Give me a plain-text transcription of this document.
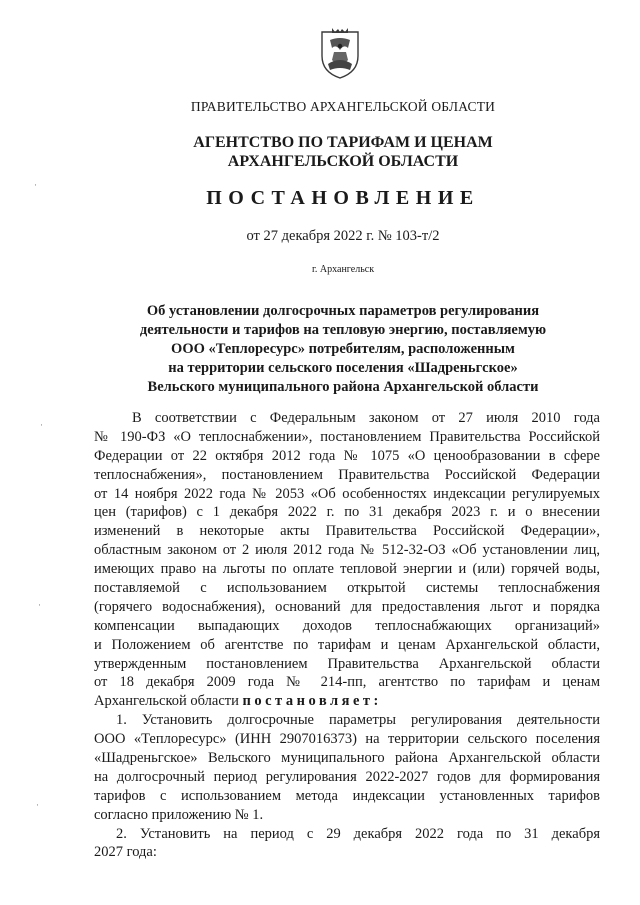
ПРАВИТЕЛЬСТВО АРХАНГЕЛЬСКОЙ ОБЛАСТИ
АГЕНТСТВО ПО ТАРИФАМ И ЦЕНАМ
АРХАНГЕЛЬСКОЙ ОБЛАСТИ
ПОСТАНОВЛЕНИЕ
от 27 декабря 2022 г. № 103-т/2
г. Архангельск
Об установлении долгосрочных параметров регулирования
деятельности и тарифов на тепловую энергию, поставляемую
ООО «Теплоресурс» потребителям, расположенным
на территории сельского поселения «Шадреньгское»
Вельского муниципального района Архангельской области
В соответствии с Федеральным законом от 27 июля 2010 года
№ 190-ФЗ «О теплоснабжении», постановлением Правительства Российской
Федерации от 22 октября 2012 года № 1075 «О ценообразовании в сфере
теплоснабжения», постановлением Правительства Российской Федерации
от 14 ноября 2022 года № 2053 «Об особенностях индексации регулируемых
цен (тарифов) с 1 декабря 2022 г. по 31 декабря 2023 г. и о внесении
изменений в некоторые акты Правительства Российской Федерации»,
областным законом от 2 июля 2012 года № 512-32-ОЗ «Об установлении лиц,
имеющих право на льготы по оплате тепловой энергии и (или) горячей воды,
поставляемой с использованием открытой системы теплоснабжения
(горячего водоснабжения), оснований для предоставления льгот и порядка
компенсации выпадающих доходов теплоснабжающих организаций»
и Положением об агентстве по тарифам и ценам Архангельской области,
утвержденным постановлением Правительства Архангельской области
от 18 декабря 2009 года № 214-пп, агентство по тарифам и ценам
Архангельской области постановляет:
1. Установить долгосрочные параметры регулирования деятельности
ООО «Теплоресурс» (ИНН 2907016373) на территории сельского поселения
«Шадреньгское» Вельского муниципального района Архангельской области
на долгосрочный период регулирования 2022-2027 годов для формирования
тарифов с использованием метода индексации установленных тарифов
согласно приложению № 1.
2. Установить на период с 29 декабря 2022 года по 31 декабря
2027 года:
·
·
·
·
